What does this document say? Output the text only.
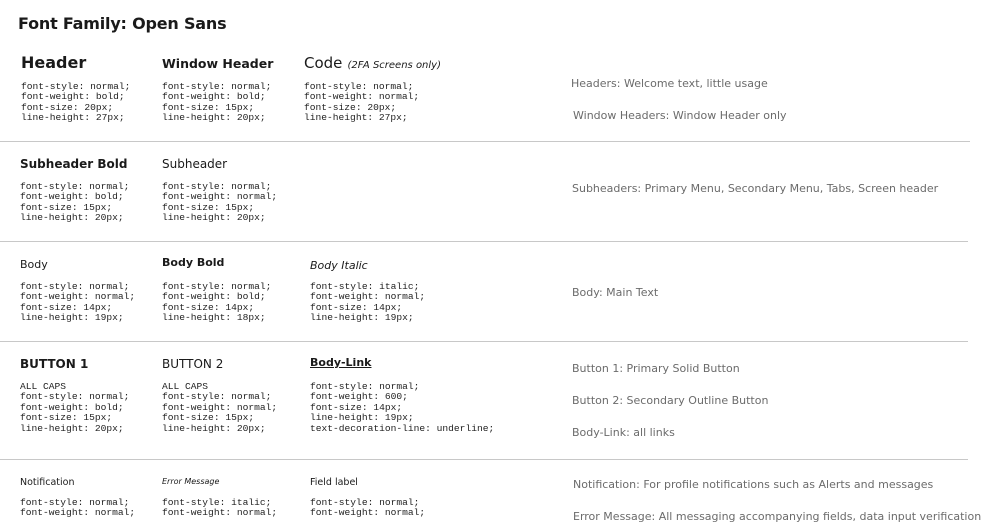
Font Family: Open Sans
Header
font-style: normal;
font-weight: bold;
font-size: 20px;
line-height: 27px;
Window Header
font-style: normal;
font-weight: bold;
font-size: 15px;
line-height: 20px;
Code (2FA Screens only)
font-style: normal;
font-weight: normal;
font-size: 20px;
line-height: 27px;
Headers: Welcome text, little usage
Window Headers: Window Header only
Subheader Bold
font-style: normal;
font-weight: bold;
font-size: 15px;
line-height: 20px;
Subheader
font-style: normal;
font-weight: normal;
font-size: 15px;
line-height: 20px;
Subheaders: Primary Menu, Secondary Menu, Tabs, Screen header
Body
font-style: normal;
font-weight: normal;
font-size: 14px;
line-height: 19px;
Body Bold
font-style: normal;
font-weight: bold;
font-size: 14px;
line-height: 18px;
Body Italic
font-style: italic;
font-weight: normal;
font-size: 14px;
line-height: 19px;
Body: Main Text
BUTTON 1
ALL CAPS
font-style: normal;
font-weight: bold;
font-size: 15px;
line-height: 20px;
BUTTON 2
ALL CAPS
font-style: normal;
font-weight: normal;
font-size: 15px;
line-height: 20px;
Body-Link
font-style: normal;
font-weight: 600;
font-size: 14px;
line-height: 19px;
text-decoration-line: underline;
Button 1: Primary Solid Button
Button 2: Secondary Outline Button
Body-Link: all links
Notification
font-style: normal;
font-weight: normal;
Error Message
font-style: italic;
font-weight: normal;
Field label
font-style: normal;
font-weight: normal;
Notification: For profile notifications such as Alerts and messages
Error Message: All messaging accompanying fields, data input verification
